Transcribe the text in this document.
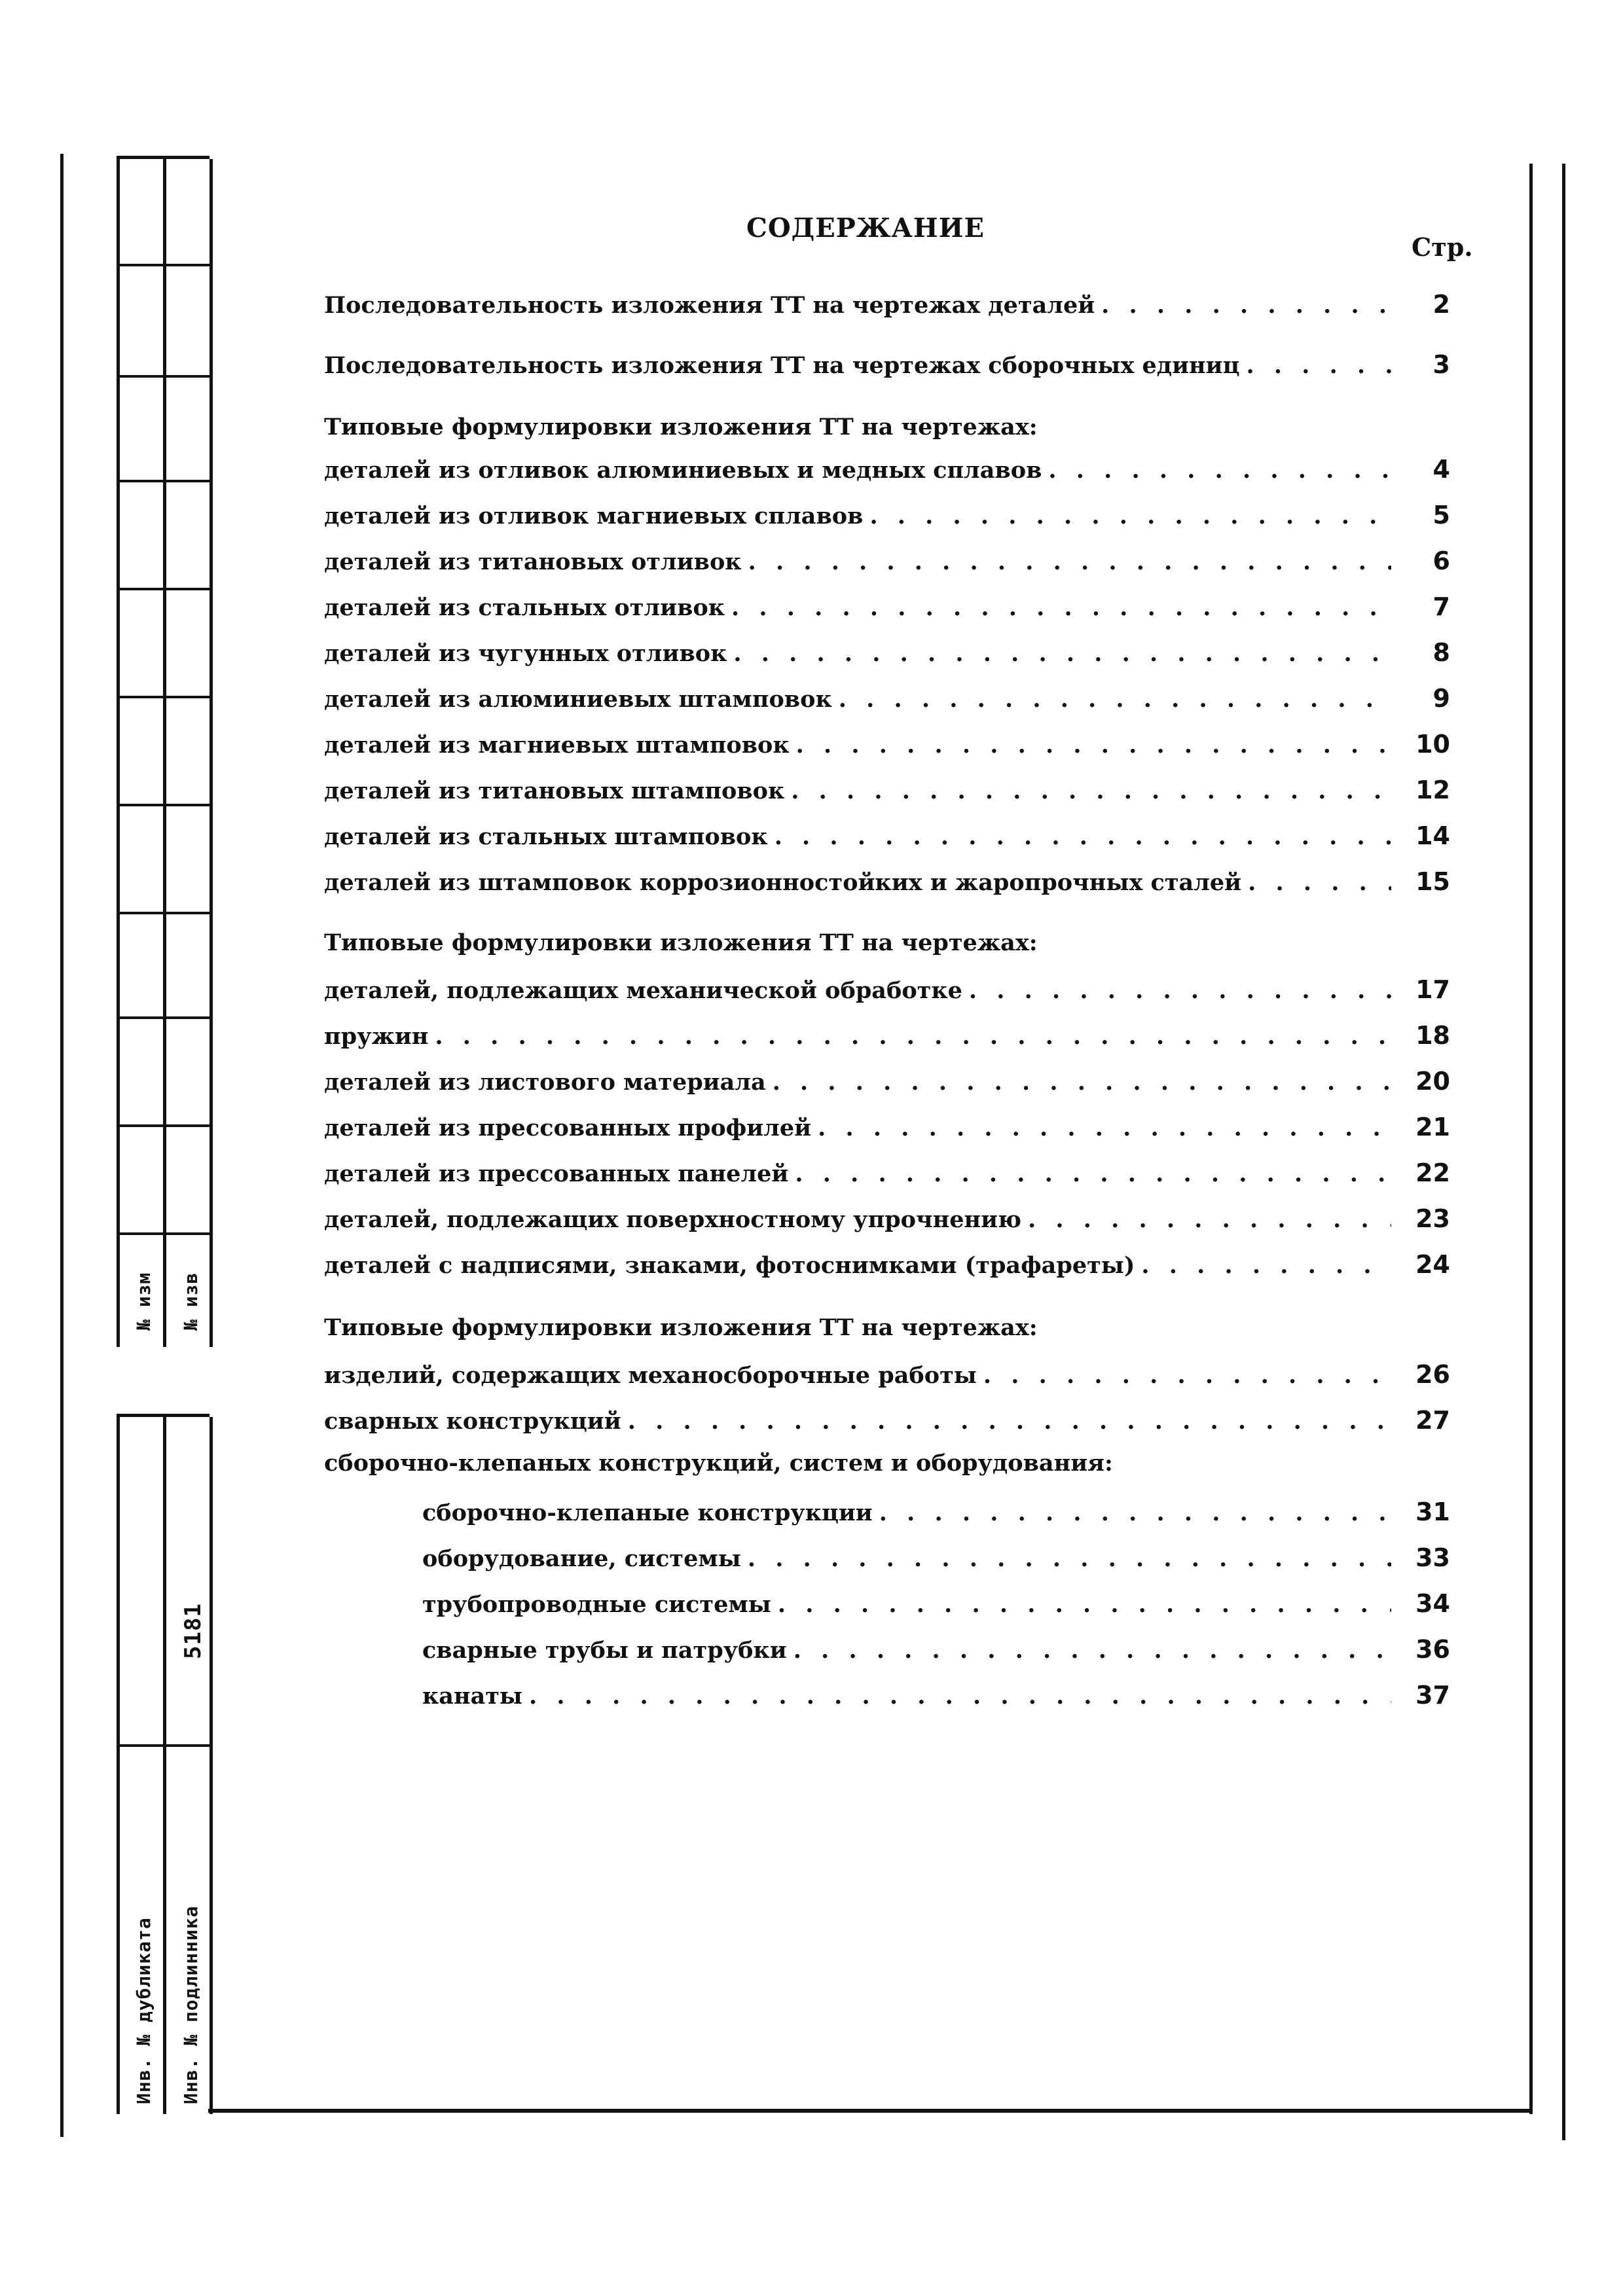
№ изм № изв
5181
Инв. № дубликата Инв. № подлинника
СОДЕРЖАНИЕ
Стр.
Последовательность изложения ТТ на чертежах деталей . . .	2
Последовательность изложения ТТ на чертежах сборочных единиц . . .	3
Типовые формулировки изложения ТТ на чертежах:
деталей из отливок алюминиевых и медных сплавов . . .	4
деталей из отливок магниевых сплавов . . .	5
деталей из титановых отливок . . .	6
деталей из стальных отливок . . .	7
деталей из чугунных отливок . . .	8
деталей из алюминиевых штамповок . . .	9
деталей из магниевых штамповок . . .	10
деталей из титановых штамповок . . .	12
деталей из стальных штамповок . . .	14
деталей из штамповок коррозионностойких и жаропрочных сталей . . .	15
Типовые формулировки изложения ТТ на чертежах:
деталей, подлежащих механической обработке . . .	17
пружин . . .	18
деталей из листового материала . . .	20
деталей из прессованных профилей . . .	21
деталей из прессованных панелей . . .	22
деталей, подлежащих поверхностному упрочнению . . .	23
деталей с надписями, знаками, фотоснимками (трафареты) . . .	24
Типовые формулировки изложения ТТ на чертежах:
изделий, содержащих механосборочные работы . . .	26
сварных конструкций . . .	27
сборочно-клепаных конструкций, систем и оборудования:
сборочно-клепаные конструкции . . .	31
оборудование, системы . . .	33
трубопроводные системы . . .	34
сварные трубы и патрубки . . .	36
канаты . . .	37
